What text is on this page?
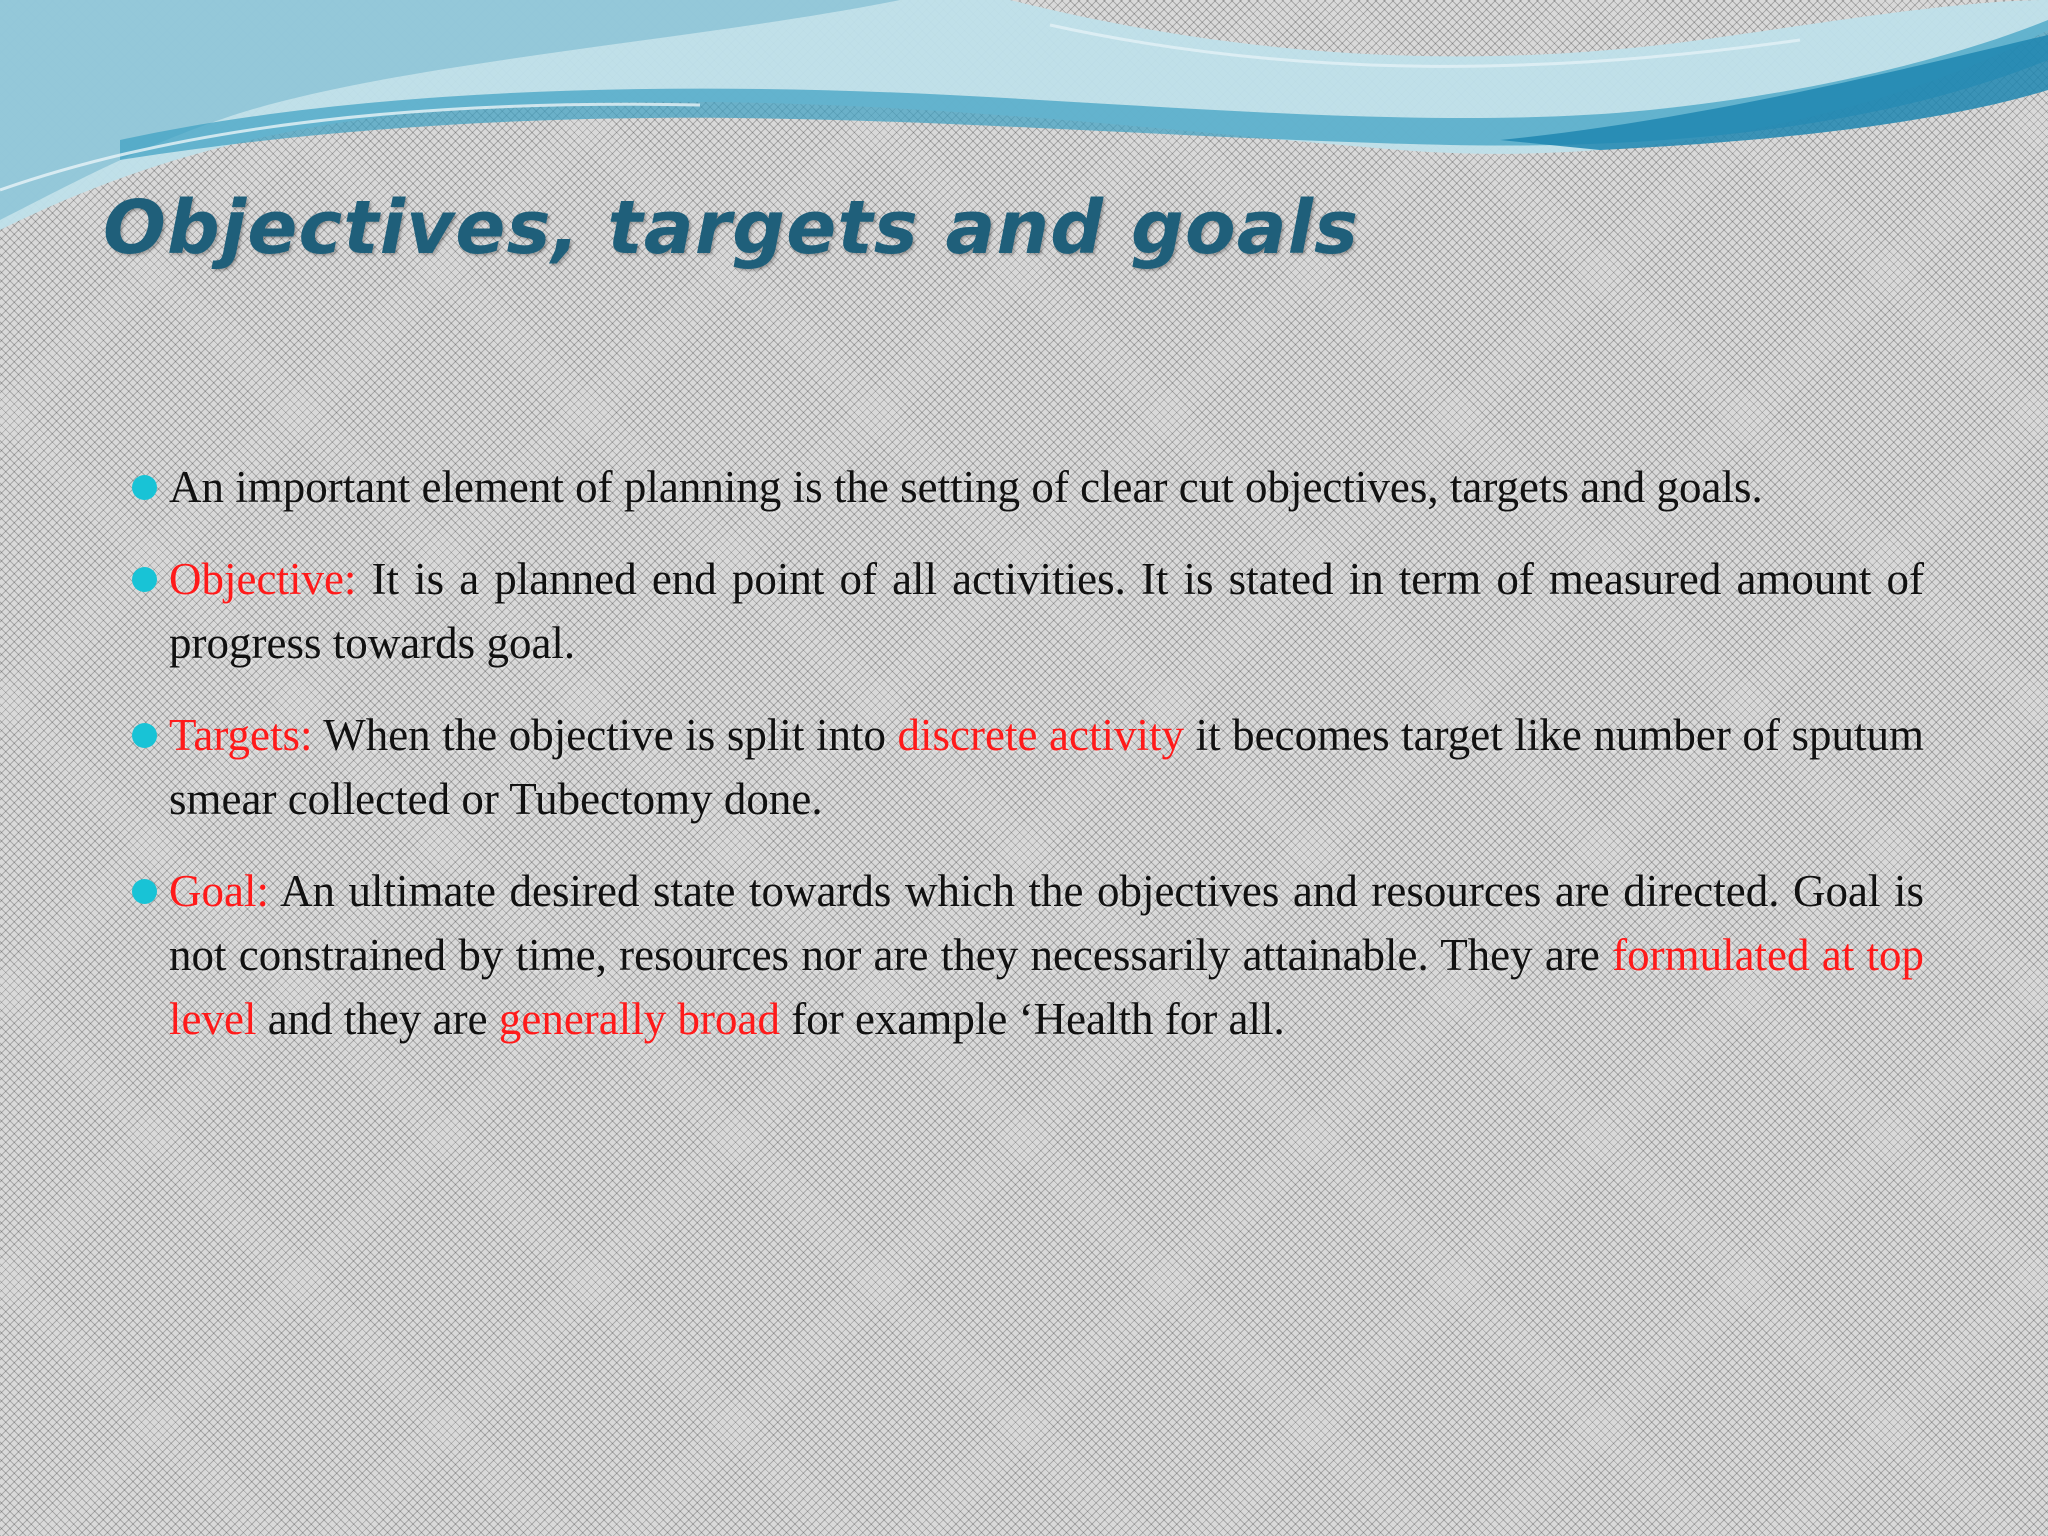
Objectives, targets and goals
An important element of planning is the setting of clear cut objectives, targets and goals.
Objective: It is a planned end point of all activities. It is stated in term of measured amount of progress towards goal.
Targets: When the objective is split into discrete activity it becomes target like number of sputum smear collected or Tubectomy done.
Goal: An ultimate desired state towards which the objectives and resources are directed. Goal is not constrained by time, resources nor are they necessarily attainable. They are formulated at top level and they are generally broad for example ‘Health for all.
